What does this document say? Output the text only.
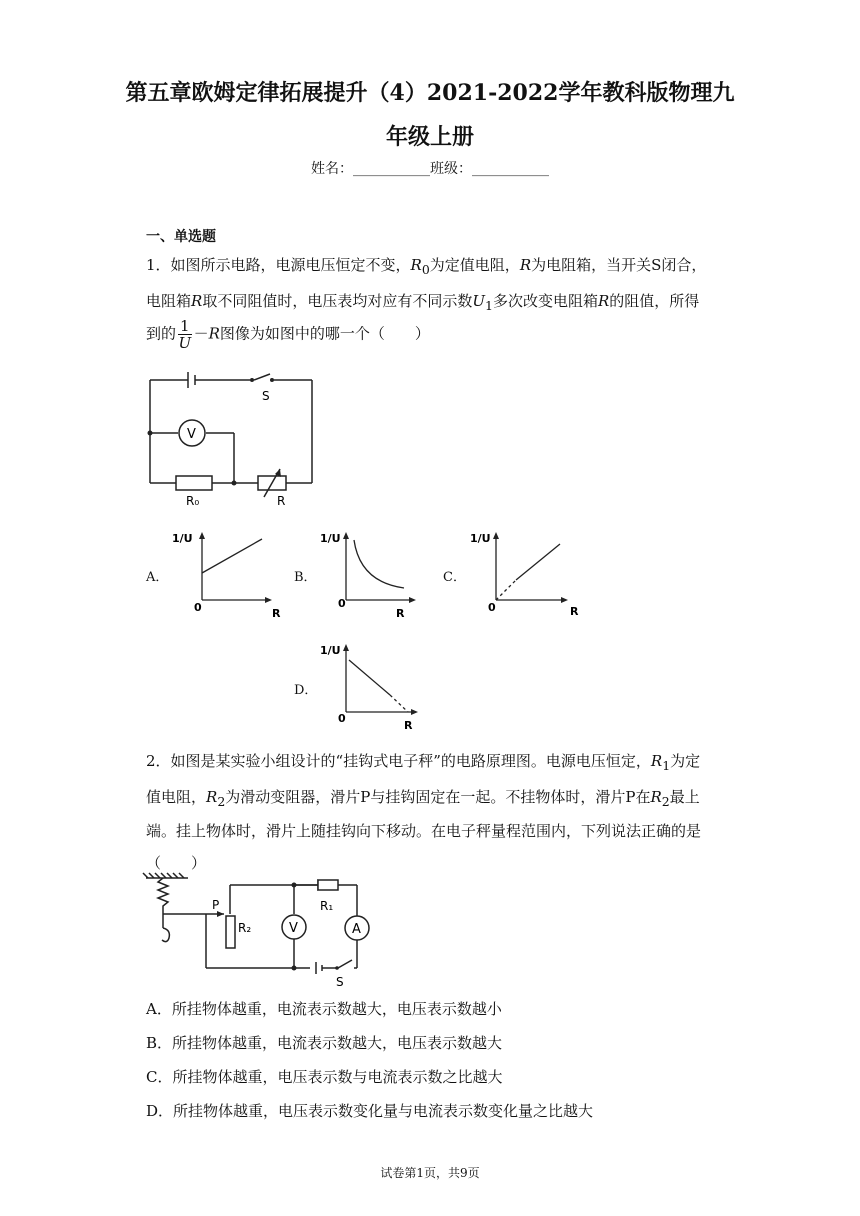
第五章欧姆定律拓展提升（4）2021-2022学年教科版物理九
年级上册
姓名：___________班级：___________
一、单选题
1．如图所示电路，电源电压恒定不变，$R_0$为定值电阻，R为电阻箱，当开关S闭合，
电阻箱R取不同阻值时，电压表均对应有不同示数$U_1$多次改变电阻箱R的阻值，所得
到的 $\frac{1}{U} -R$图像为如图中的哪一个（　　）
S
V
R₀	R
A．	B．	C．
D．
1/U
0	R
1/U
0
R
1/U
0	R
1/U
0
R
2．如图是某实验小组设计的“挂钩式电子秤”的电路原理图。电源电压恒定，$R_1$为定
值电阻，$R_2$为滑动变阻器，滑片P与挂钩固定在一起。不挂物体时，滑片P在$R_2$最上
端。挂上物体时，滑片上随挂钩向下移动。在电子秤量程范围内，下列说法正确的是
（　　）
P
R₂
R₁
V	A
S
A．所挂物体越重，电流表示数越大，电压表示数越小
B．所挂物体越重，电流表示数越大，电压表示数越大
C．所挂物体越重，电压表示数与电流表示数之比越大
D．所挂物体越重，电压表示数变化量与电流表示数变化量之比越大
试卷第1页，共9页
